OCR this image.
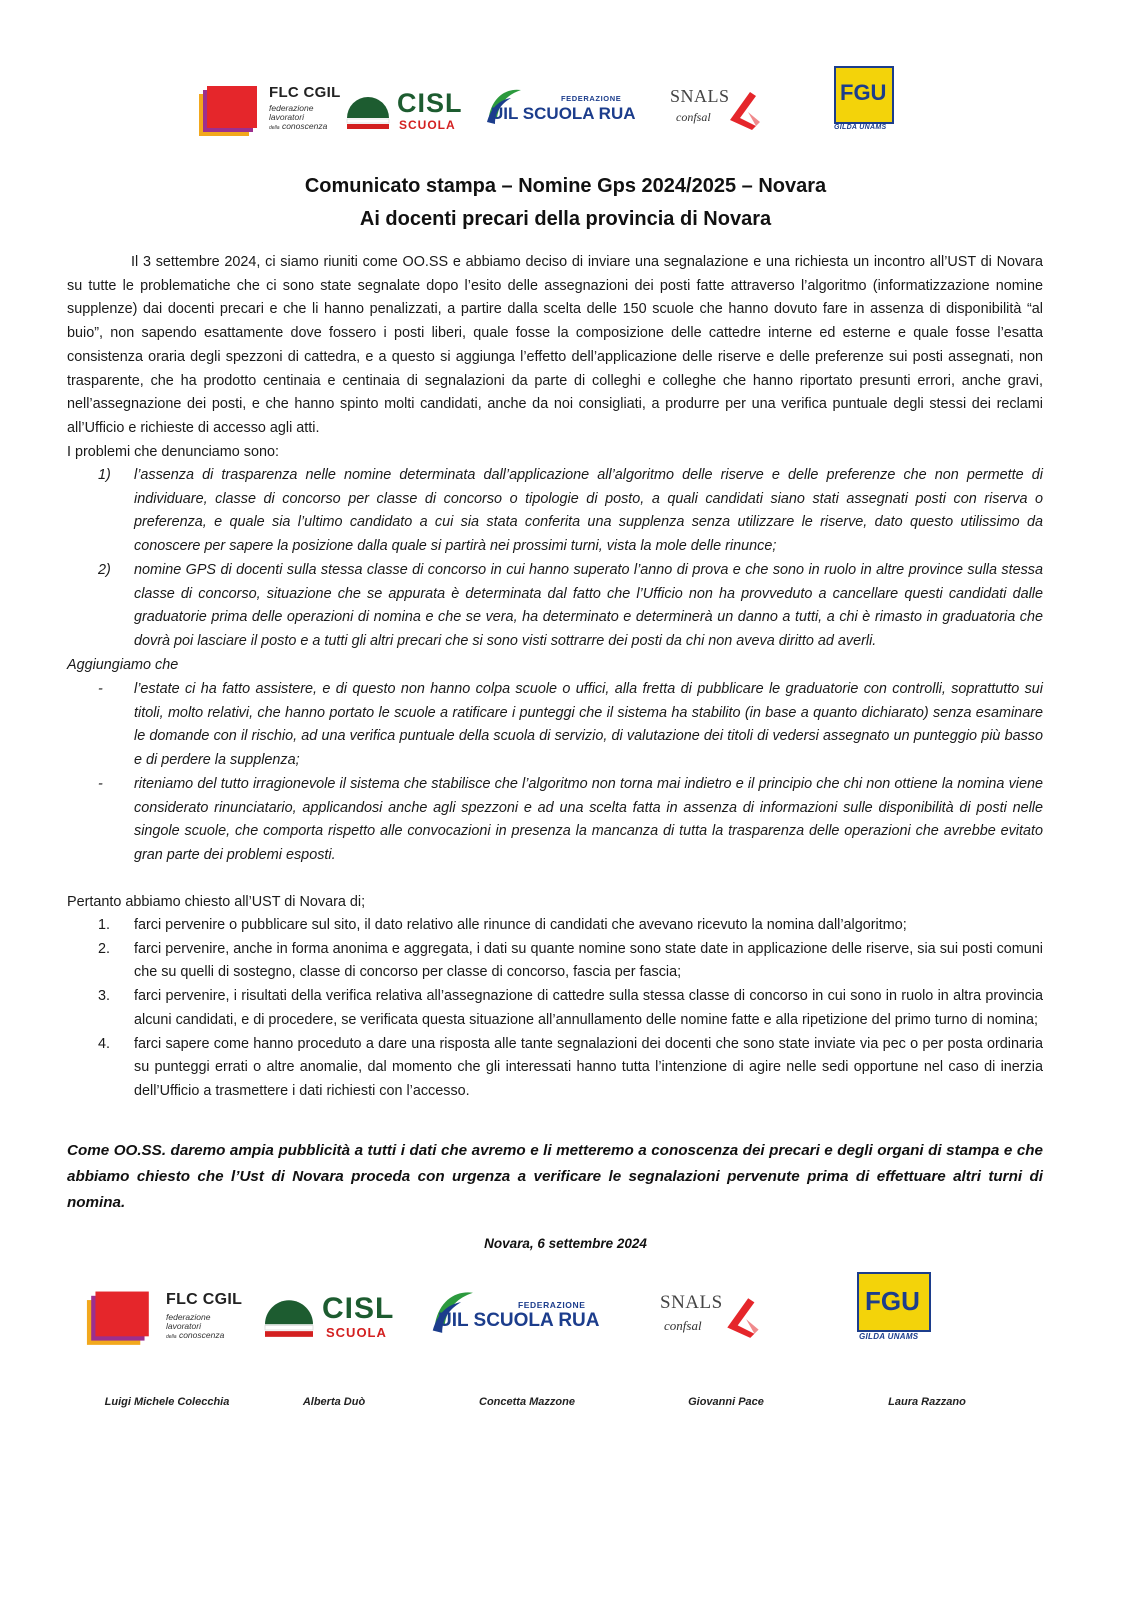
FLC CGIL
federazione
lavoratori
della conoscenza
CISL
SCUOLA
FEDERAZIONE
UIL SCUOLA RUA
SNALS
confsal
FGU
GILDA UNAMS
Comunicato stampa – Nomine Gps 2024/2025 – Novara
Ai docenti precari della provincia di Novara
Il 3 settembre 2024, ci siamo riuniti come OO.SS e abbiamo deciso di inviare una segnalazione e una richiesta un incontro all’UST di Novara su tutte le problematiche che ci sono state segnalate dopo l’esito delle assegnazioni dei posti fatte attraverso l’algoritmo (informatizzazione nomine supplenze) dai docenti precari e che li hanno penalizzati, a partire dalla scelta delle 150 scuole che hanno dovuto fare in assenza di disponibilità “al buio”, non sapendo esattamente dove fossero i posti liberi, quale fosse la composizione delle cattedre interne ed esterne e quale fosse l’esatta consistenza oraria degli spezzoni di cattedra, e a questo si aggiunga l’effetto dell’applicazione delle riserve e delle preferenze sui posti assegnati, non trasparente, che ha prodotto centinaia e centinaia di segnalazioni da parte di colleghi e colleghe che hanno riportato presunti errori, anche gravi, nell’assegnazione dei posti, e che hanno spinto molti candidati, anche da noi consigliati, a produrre per una verifica puntuale degli stessi dei reclami all’Ufficio e richieste di accesso agli atti.
I problemi che denunciamo sono:
1) l’assenza di trasparenza nelle nomine determinata dall’applicazione all’algoritmo delle riserve e delle preferenze che non permette di individuare, classe di concorso per classe di concorso o tipologie di posto, a quali candidati siano stati assegnati posti con riserva o preferenza, e quale sia l’ultimo candidato a cui sia stata conferita una supplenza senza utilizzare le riserve, dato questo utilissimo da conoscere per sapere la posizione dalla quale si partirà nei prossimi turni, vista la mole delle rinunce;
2) nomine GPS di docenti sulla stessa classe di concorso in cui hanno superato l’anno di prova e che sono in ruolo in altre province sulla stessa classe di concorso, situazione che se appurata è determinata dal fatto che l’Ufficio non ha provveduto a cancellare questi candidati dalle graduatorie prima delle operazioni di nomina e che se vera, ha determinato e determinerà un danno a tutti, a chi è rimasto in graduatoria che dovrà poi lasciare il posto e a tutti gli altri precari che si sono visti sottrarre dei posti da chi non aveva diritto ad averli.
Aggiungiamo che
- l’estate ci ha fatto assistere, e di questo non hanno colpa scuole o uffici, alla fretta di pubblicare le graduatorie con controlli, soprattutto sui titoli, molto relativi, che hanno portato le scuole a ratificare i punteggi che il sistema ha stabilito (in base a quanto dichiarato) senza esaminare le domande con il rischio, ad una verifica puntuale della scuola di servizio, di valutazione dei titoli di vedersi assegnato un punteggio più basso e di perdere la supplenza;
- riteniamo del tutto irragionevole il sistema che stabilisce che l’algoritmo non torna mai indietro e il principio che chi non ottiene la nomina viene considerato rinunciatario, applicandosi anche agli spezzoni e ad una scelta fatta in assenza di informazioni sulle disponibilità di posti nelle singole scuole, che comporta rispetto alle convocazioni in presenza la mancanza di tutta la trasparenza delle operazioni che avrebbe evitato gran parte dei problemi esposti.
Pertanto abbiamo chiesto all’UST di Novara di;
1. farci pervenire o pubblicare sul sito, il dato relativo alle rinunce di candidati che avevano ricevuto la nomina dall’algoritmo;
2. farci pervenire, anche in forma anonima e aggregata, i dati su quante nomine sono state date in applicazione delle riserve, sia sui posti comuni che su quelli di sostegno, classe di concorso per classe di concorso, fascia per fascia;
3. farci pervenire, i risultati della verifica relativa all’assegnazione di cattedre sulla stessa classe di concorso in cui sono in ruolo in altra provincia alcuni candidati, e di procedere, se verificata questa situazione all’annullamento delle nomine fatte e alla ripetizione del primo turno di nomina;
4. farci sapere come hanno proceduto a dare una risposta alle tante segnalazioni dei docenti che sono state inviate via pec o per posta ordinaria su punteggi errati o altre anomalie, dal momento che gli interessati hanno tutta l’intenzione di agire nelle sedi opportune nel caso di inerzia dell’Ufficio a trasmettere i dati richiesti con l’accesso.
Come OO.SS. daremo ampia pubblicità a tutti i dati che avremo e li metteremo a conoscenza dei precari e degli organi di stampa e che abbiamo chiesto che l’Ust di Novara proceda con urgenza a verificare le segnalazioni pervenute prima di effettuare altri turni di nomina.
Novara, 6 settembre 2024
FLC CGIL
federazione
lavoratori
della conoscenza
CISL
SCUOLA
FEDERAZIONE
UIL SCUOLA RUA
SNALS
confsal
FGU
GILDA UNAMS
Luigi Michele Colecchia	Alberta Duò	Concetta Mazzone	Giovanni Pace	Laura Razzano
